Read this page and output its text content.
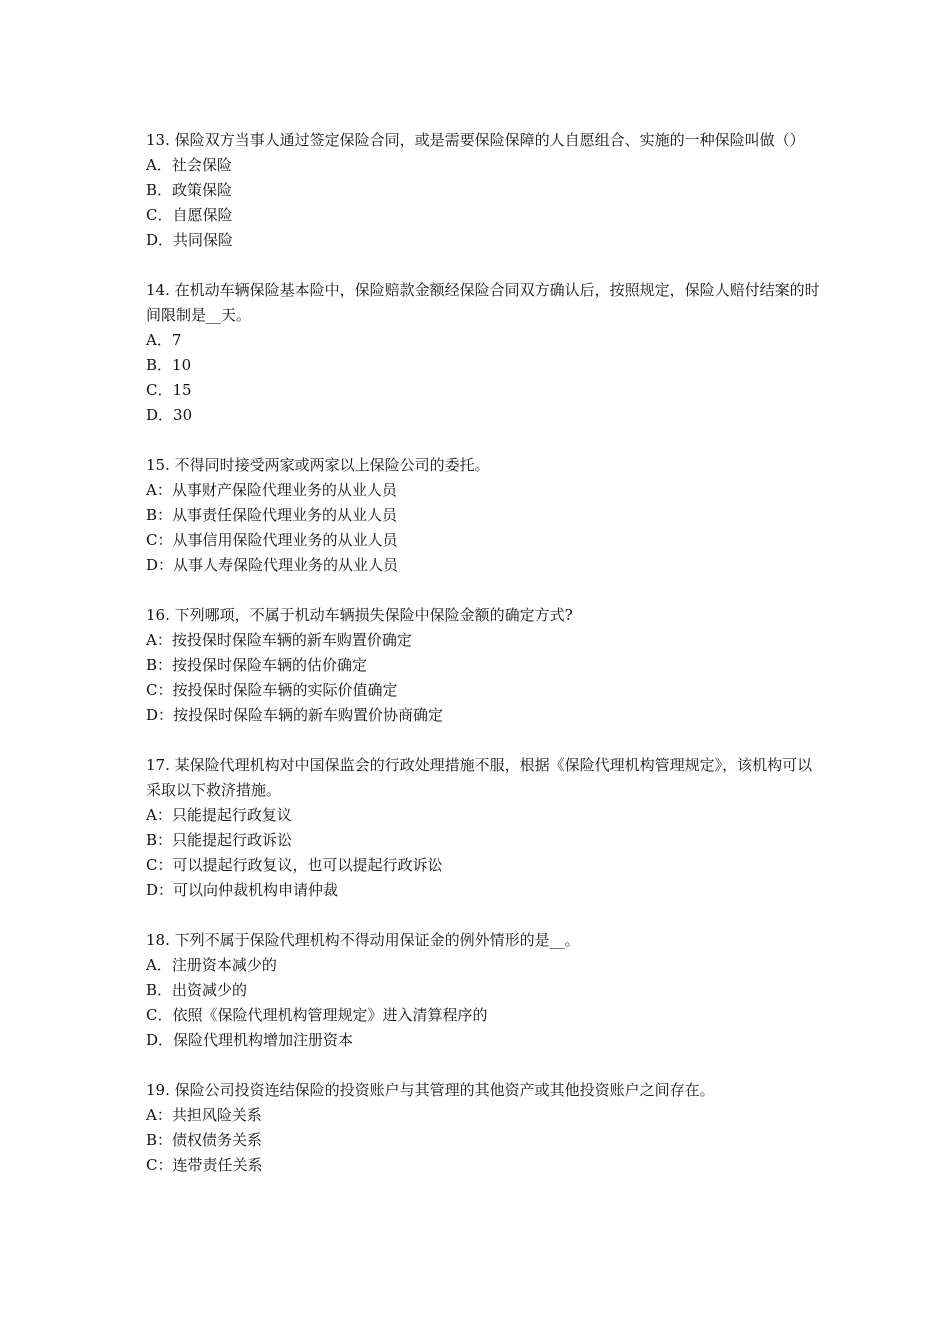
13. 保险双方当事人通过签定保险合同，或是需要保险保障的人自愿组合、实施的一种保险叫做（）

A．社会保险

B．政策保险

C．自愿保险

D．共同保险

14. 在机动车辆保险基本险中，保险赔款金额经保险合同双方确认后，按照规定，保险人赔付结案的时间限制是__天。

A．7

B．10

C．15

D．30

15. 不得同时接受两家或两家以上保险公司的委托。

A：从事财产保险代理业务的从业人员

B：从事责任保险代理业务的从业人员

C：从事信用保险代理业务的从业人员

D：从事人寿保险代理业务的从业人员

16. 下列哪项，不属于机动车辆损失保险中保险金额的确定方式?

A：按投保时保险车辆的新车购置价确定

B：按投保时保险车辆的估价确定

C：按投保时保险车辆的实际价值确定

D：按投保时保险车辆的新车购置价协商确定

17. 某保险代理机构对中国保监会的行政处理措施不服，根据《保险代理机构管理规定》，该机构可以采取以下救济措施。

A：只能提起行政复议

B：只能提起行政诉讼

C：可以提起行政复议，也可以提起行政诉讼

D：可以向仲裁机构申请仲裁

18. 下列不属于保险代理机构不得动用保证金的例外情形的是__。

A．注册资本减少的

B．出资减少的

C．依照《保险代理机构管理规定》进入清算程序的

D．保险代理机构增加注册资本

19. 保险公司投资连结保险的投资账户与其管理的其他资产或其他投资账户之间存在。

A：共担风险关系

B：债权债务关系

C：连带责任关系
